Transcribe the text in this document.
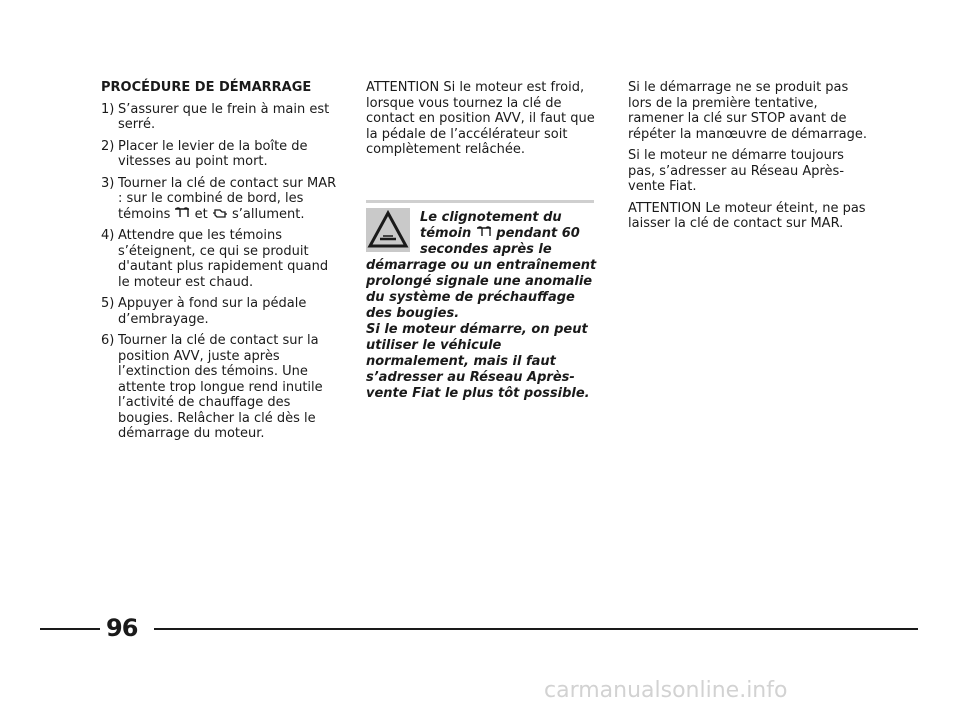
PROCÉDURE DE DÉMARRAGE
1) S’assurer que le frein à main est serré.
2) Placer le levier de la boîte de vitesses au point mort.
3) Tourner la clé de contact sur MAR : sur le combiné de bord, les témoins et s’allument.
4) Attendre que les témoins s’éteignent, ce qui se produit d'autant plus rapidement quand le moteur est chaud.
5) Appuyer à fond sur la pédale d’embrayage.
6) Tourner la clé de contact sur la position AVV, juste après l’extinction des témoins. Une attente trop longue rend inutile l’activité de chauffage des bougies. Relâcher la clé dès le démarrage du moteur.

ATTENTION Si le moteur est froid, lorsque vous tournez la clé de contact en position AVV, il faut que la pédale de l’accélérateur soit complètement relâchée.

Le clignotement du témoin pendant 60 secondes après le démarrage ou un entraînement prolongé signale une anomalie du système de préchauffage des bougies.
Si le moteur démarre, on peut utiliser le véhicule normalement, mais il faut s’adresser au Réseau Après-vente Fiat le plus tôt possible.

Si le démarrage ne se produit pas lors de la première tentative, ramener la clé sur STOP avant de répéter la manœuvre de démarrage.

Si le moteur ne démarre toujours pas, s’adresser au Réseau Après-vente Fiat.

ATTENTION Le moteur éteint, ne pas laisser la clé de contact sur MAR.

96
carmanualsonline.info
